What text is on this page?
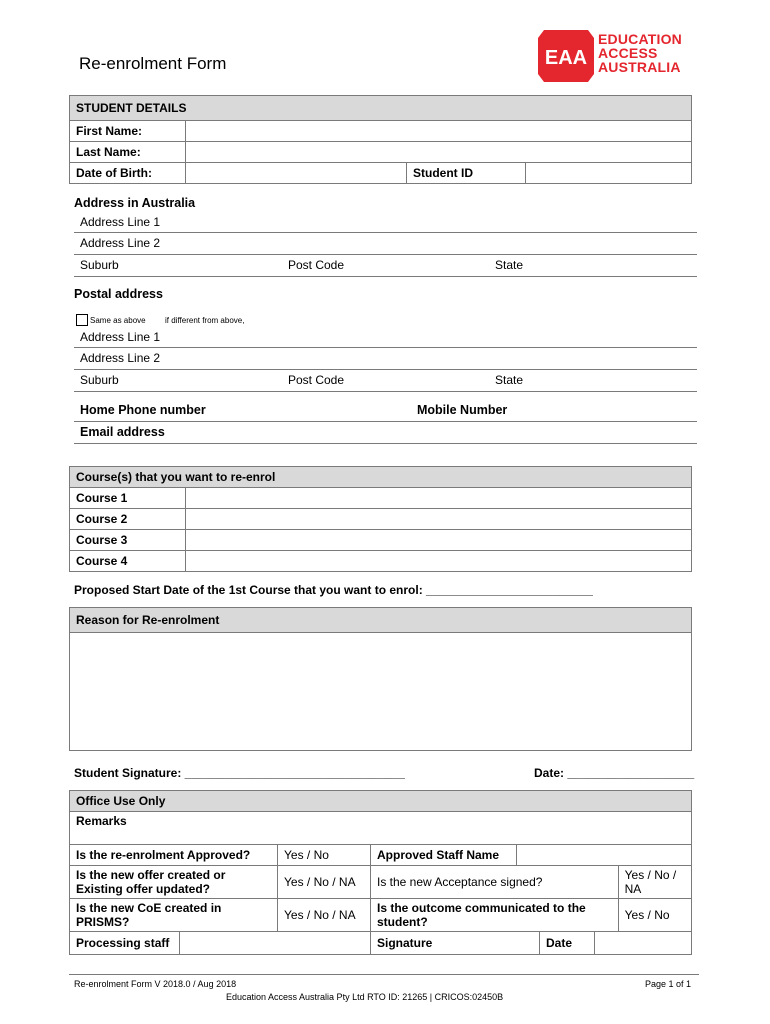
Re-enrolment Form	EAA
EDUCATION
ACCESS
AUSTRALIA
STUDENT DETAILS			
First Name:			
Last Name:			
Date of Birth:		Student ID	
Address in Australia
Address Line 1
Address Line 2
Suburb	Post Code	State
Postal address
Same as above if different from above,
Address Line 1
Address Line 2
Suburb	Post Code	State
Home Phone number	Mobile Number
Email address
Course(s) that you want to re-enrol	
Course 1	
Course 2	
Course 3	
Course 4	
Proposed Start Date of the 1st Course that you want to enrol: _________________________
Reason for Re-enrolment

Student Signature: _________________________________	Date: ___________________
Office Use Only				
Remarks				
Is the re-enrolment Approved?	Yes / No	Approved Staff Name		
Is the new offer created or Existing offer updated?	Yes / No / NA	Is the new Acceptance signed?		Yes / No / NA
Is the new CoE created in PRISMS?	Yes / No / NA	Is the outcome communicated to the student?		Yes / No
Processing staff		Signature	Date	
Re-enrolment Form V 2018.0 / Aug 2018	Page 1 of 1
Education Access Australia Pty Ltd RTO ID: 21265 | CRICOS:02450B
